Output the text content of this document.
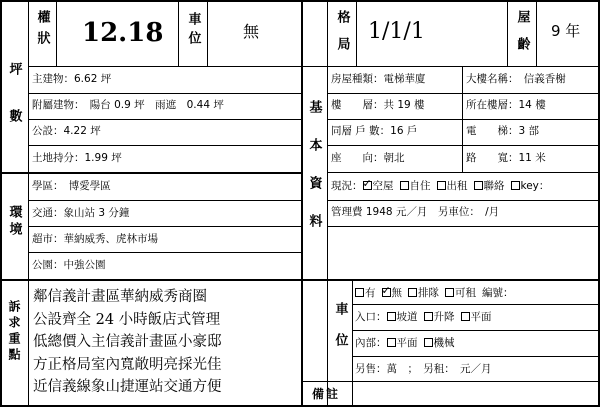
坪數
權狀 12.18 車位	無	格局 1/1/1	屋齡 9 年
主建物：6.62 坪
附屬建物：　陽台 0.9 坪　雨遮　0.44 坪
公設：4.22 坪
土地持分：1.99 坪
環境
學區：　博愛學區
交通：象山站 3 分鐘
超市：華納威秀、虎林市場
公園：中強公園
訴求重點
鄰信義計畫區華納威秀商圈
公設齊全 24 小時飯店式管理
低總價入主信義計畫區小豪邸
方正格局室內寬敞明亮採光佳
近信義線象山捷運站交通方便
基本資料
房屋種類：電梯華廈	大樓名稱：　信義香榭
樓　　層：共 19 樓	所在樓層：14 樓
同層 戶 數：16 戶	電　　梯：3 部
座　　向：朝北	路　　寬：11 米
現況： ✓ 空屋 自住 出租 聯絡 key：
管理費 1948 元／月　另車位：　/月
車位
有 ✓ 無 排隊 可租 編號：
入口： 坡道 升降 平面
內部： 平面 機械
另售：萬　；　另租：　元／月
備註
